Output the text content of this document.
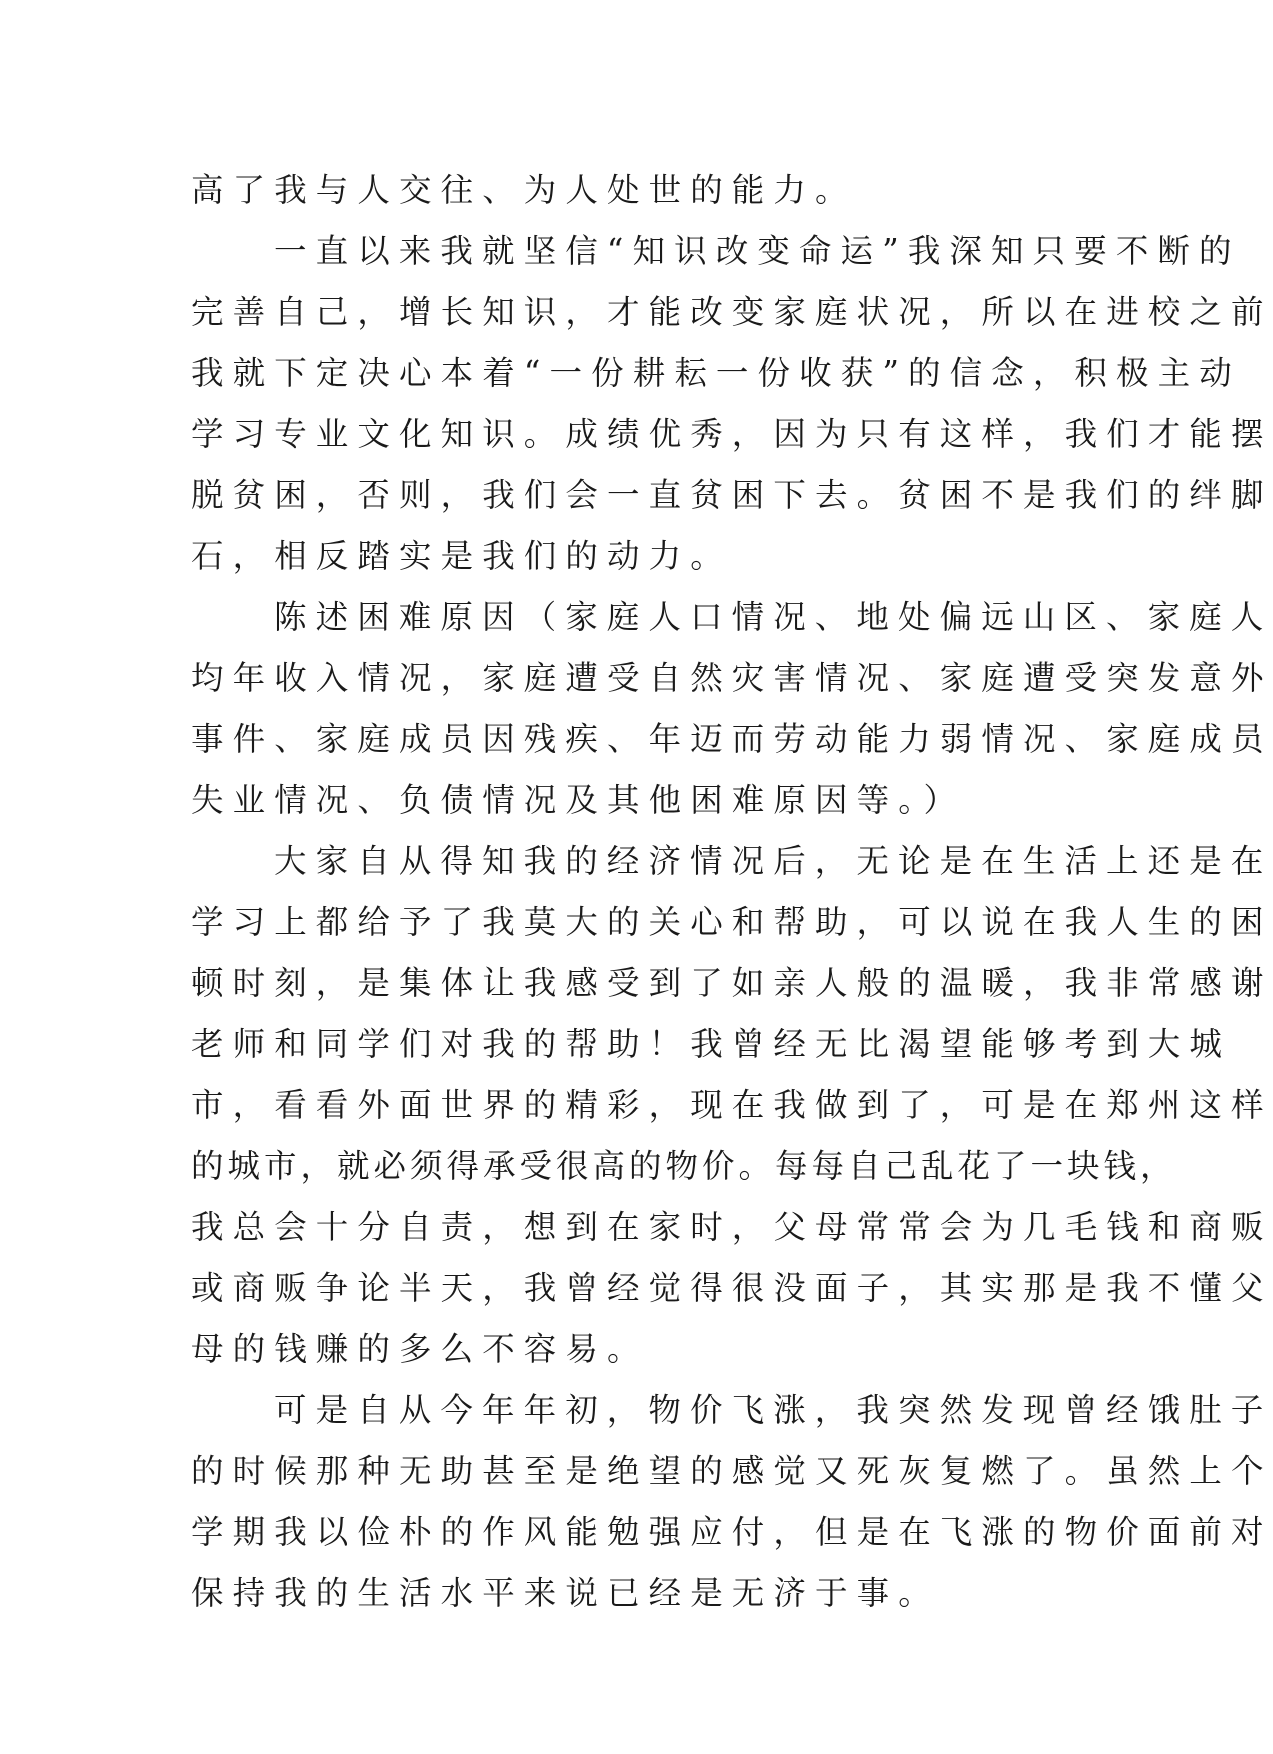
高了我与人交往、为人处世的能力。
一直以来我就坚信“知识改变命运”我深知只要不断的
完善自己，增长知识，才能改变家庭状况，所以在进校之前
我就下定决心本着“一份耕耘一份收获”的信念，积极主动
学习专业文化知识。成绩优秀，因为只有这样，我们才能摆
脱贫困，否则，我们会一直贫困下去。贫困不是我们的绊脚
石，相反踏实是我们的动力。
陈述困难原因（家庭人口情况、地处偏远山区、家庭人
均年收入情况，家庭遭受自然灾害情况、家庭遭受突发意外
事件、家庭成员因残疾、年迈而劳动能力弱情况、家庭成员
失业情况、负债情况及其他困难原因等。）
大家自从得知我的经济情况后，无论是在生活上还是在
学习上都给予了我莫大的关心和帮助，可以说在我人生的困
顿时刻，是集体让我感受到了如亲人般的温暖，我非常感谢
老师和同学们对我的帮助！我曾经无比渴望能够考到大城
市，看看外面世界的精彩，现在我做到了，可是在郑州这样
的城市，就必须得承受很高的物价。每每自己乱花了一块钱，
我总会十分自责，想到在家时，父母常常会为几毛钱和商贩
或商贩争论半天，我曾经觉得很没面子，其实那是我不懂父
母的钱赚的多么不容易。
可是自从今年年初，物价飞涨，我突然发现曾经饿肚子
的时候那种无助甚至是绝望的感觉又死灰复燃了。虽然上个
学期我以俭朴的作风能勉强应付，但是在飞涨的物价面前对
保持我的生活水平来说已经是无济于事。
